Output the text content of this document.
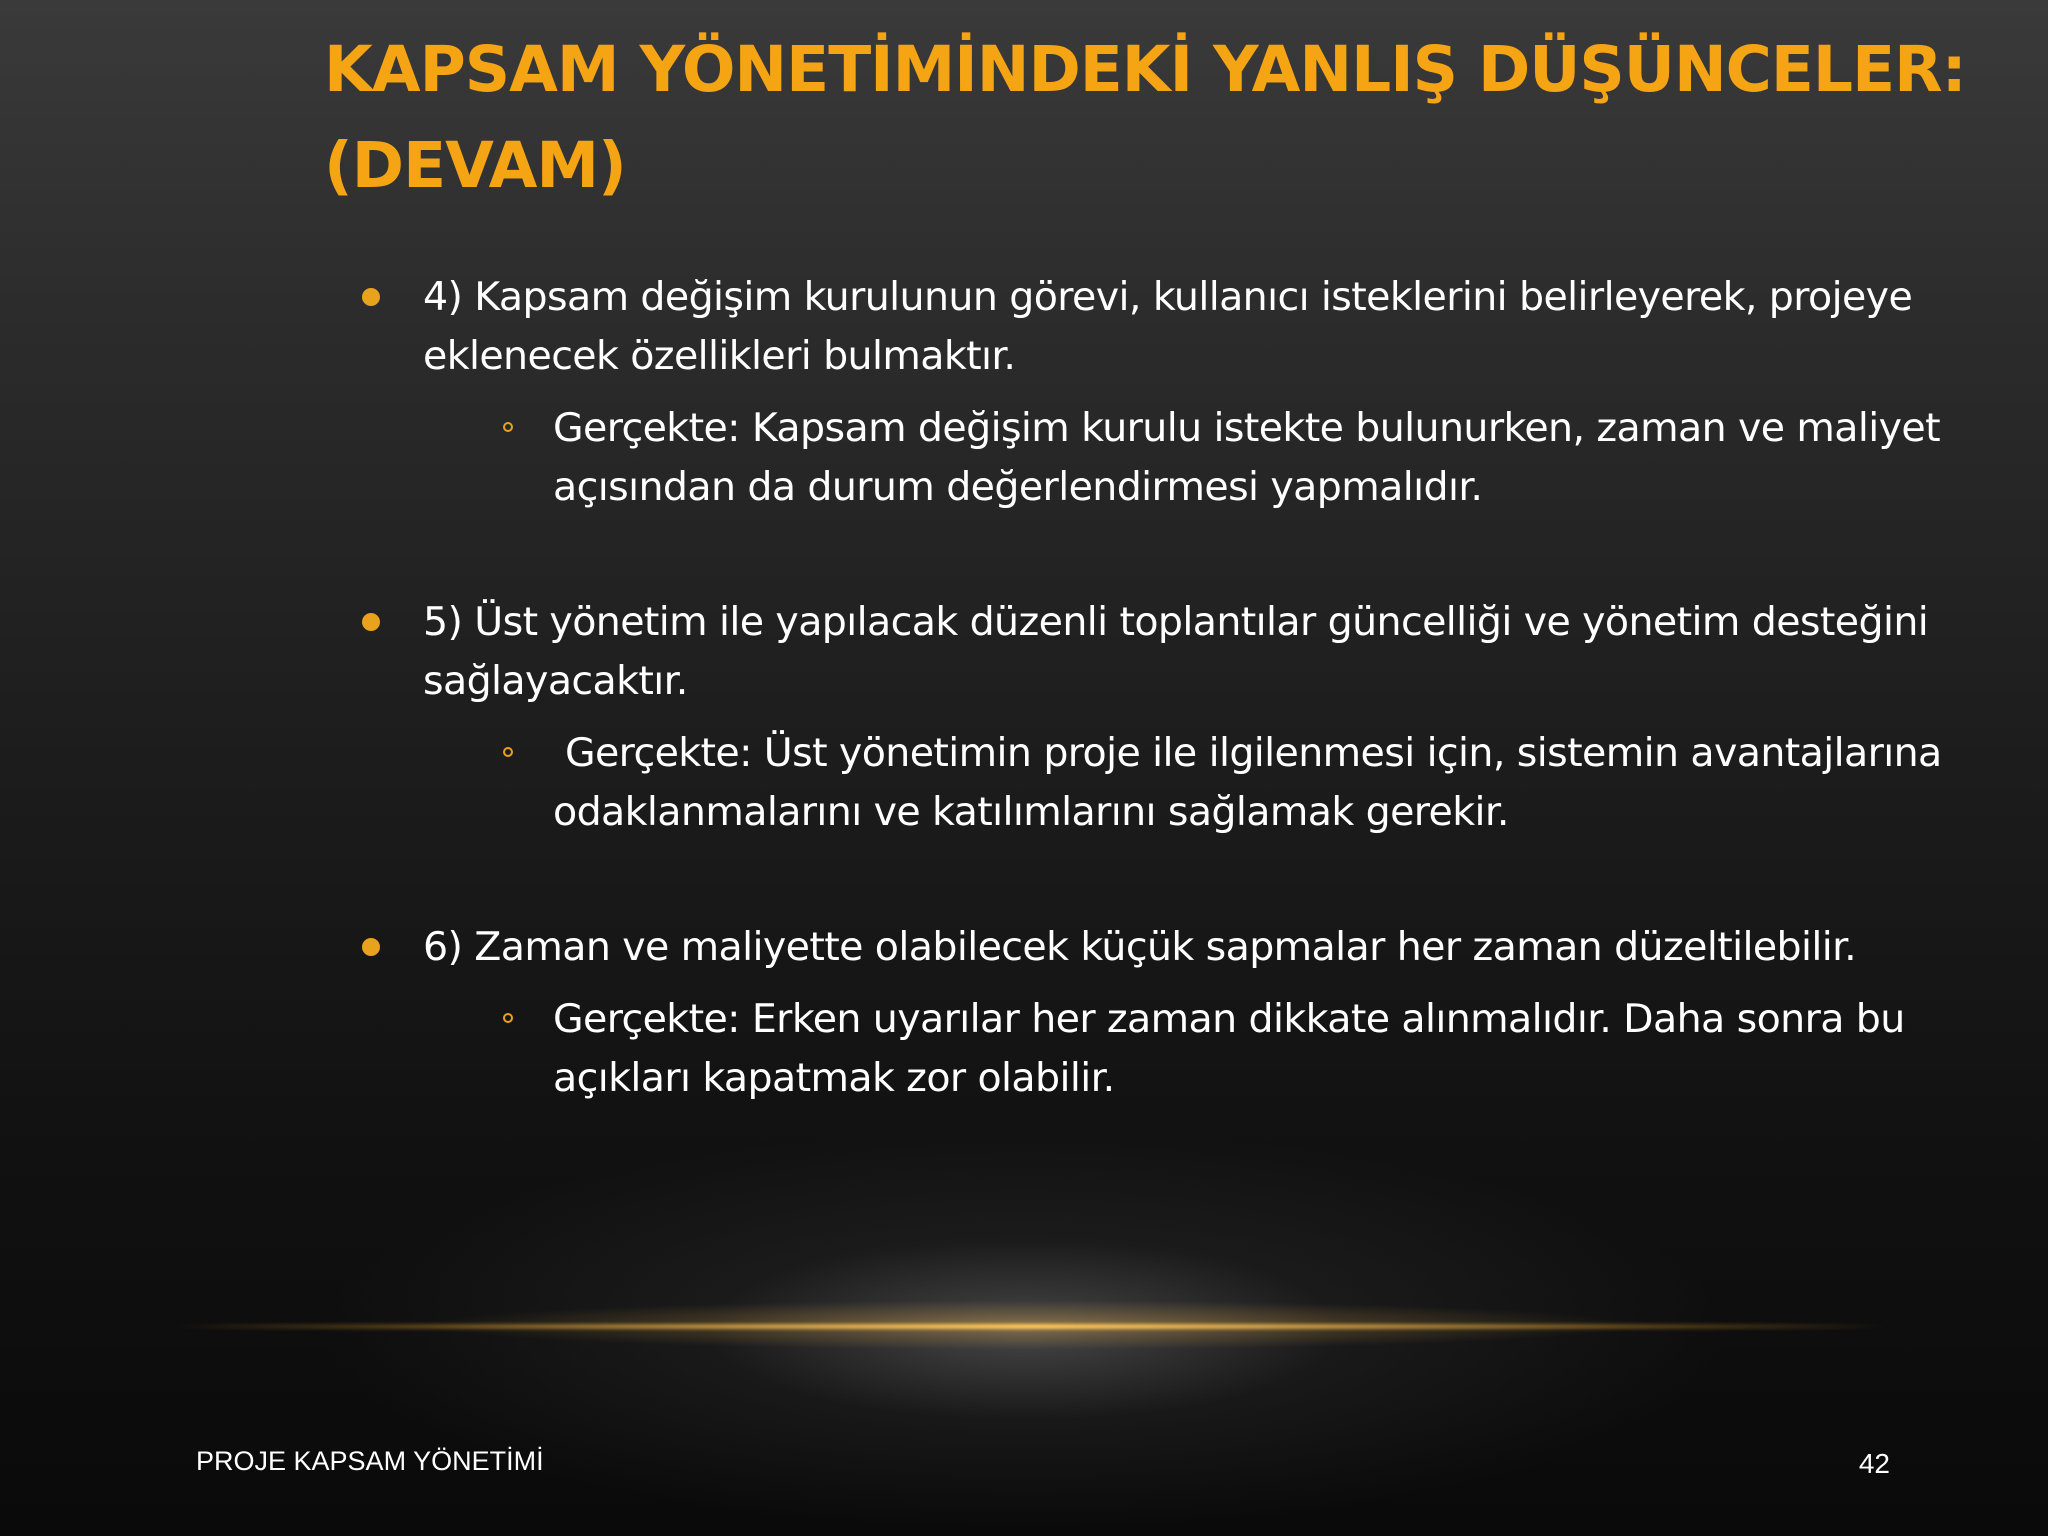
KAPSAM YÖNETİMİNDEKİ YANLIŞ DÜŞÜNCELER:
(DEVAM)
4) Kapsam değişim kurulunun görevi, kullanıcı isteklerini belirleyerek, projeye eklenecek özellikleri bulmaktır.
Gerçekte: Kapsam değişim kurulu istekte bulunurken, zaman ve maliyet açısından da durum değerlendirmesi yapmalıdır.
5) Üst yönetim ile yapılacak düzenli toplantılar güncelliği ve yönetim desteğini sağlayacaktır.
Gerçekte: Üst yönetimin proje ile ilgilenmesi için, sistemin avantajlarına odaklanmalarını ve katılımlarını sağlamak gerekir.
6) Zaman ve maliyette olabilecek küçük sapmalar her zaman düzeltilebilir.
Gerçekte: Erken uyarılar her zaman dikkate alınmalıdır. Daha sonra bu açıkları kapatmak zor olabilir.
PROJE KAPSAM YÖNETİMİ	42
